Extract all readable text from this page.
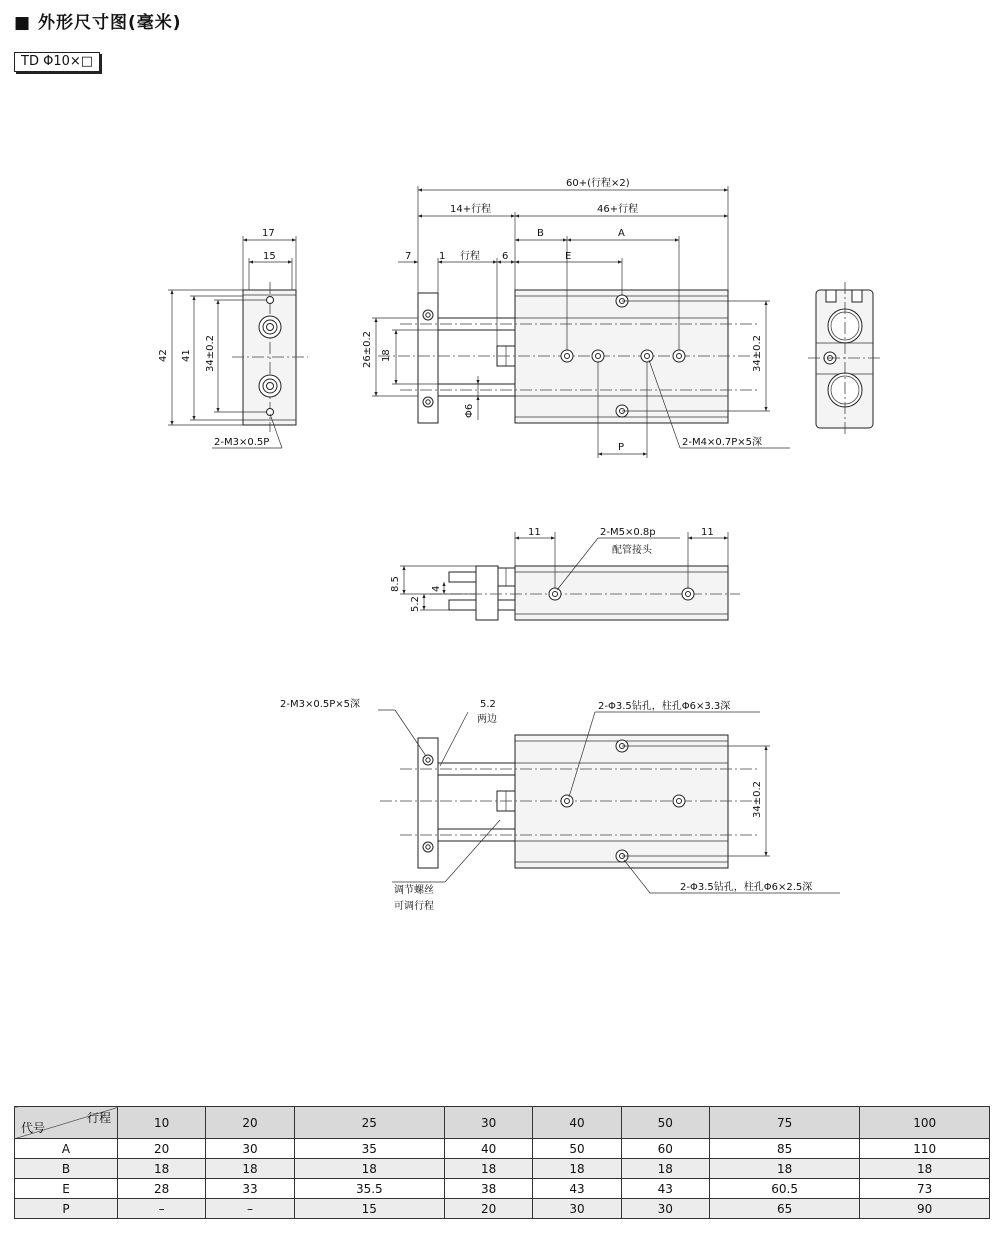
■ 外形尺寸图(毫米)
TD Φ10×□
17
15
42 41 34±0.2
2-M3×0.5P
60+(行程×2)
14+行程	46+行程
B	A
7	1 行程 6	E
26±0.2 18
Φ6
34±0.2
P	2-M4×0.7P×5深
11	11
8.5
5.2
4
2-M5×0.8p
配管接头
34±0.2
2-M3×0.5P×5深	5.2
两边
2-Φ3.5钻孔，柱孔Φ6×3.3深
调节螺丝
可调行程
2-Φ3.5钻孔，柱孔Φ6×2.5深
行程
代号	10	20	25	30	40	50	75	100
A	20	30	35	40	50	60	85	110
B	18	18	18	18	18	18	18	18
E	28	33	35.5	38	43	43	60.5	73
P	–	–	15	20	30	30	65	90
